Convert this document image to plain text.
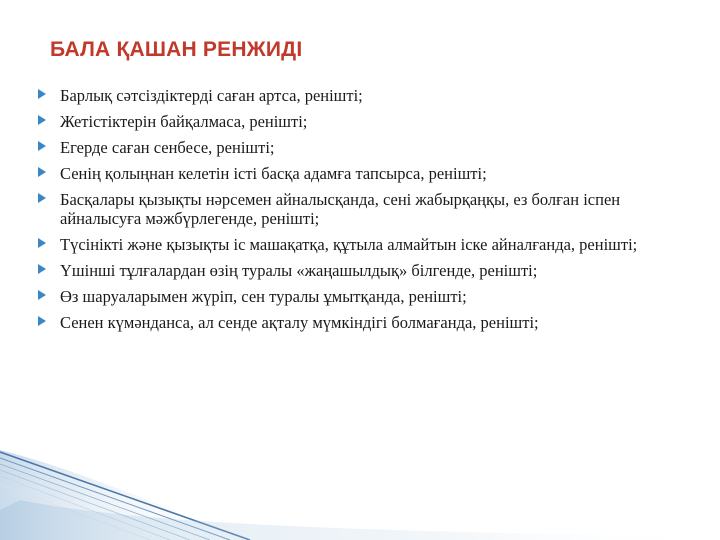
БАЛА ҚАШАН РЕНЖИДІ
Барлық сәтсіздіктерді саған артса, ренішті;
Жетістіктерін байқалмаса, ренішті;
Егерде саған сенбесе, ренішті;
Сенің қолыңнан келетін істі басқа адамға тапсырса, ренішті;
Басқалары қызықты нәрсемен айналысқанда, сені жабырқаңқы, ез болған іспен айналысуға мәжбүрлегенде, ренішті;
Түсінікті және қызықты іс машақатқа, құтыла алмайтын іске айналғанда, ренішті;
Үшінші тұлғалардан өзің туралы «жаңашылдық» білгенде, ренішті;
Өз шаруаларымен жүріп, сен туралы ұмытқанда, ренішті;
Сенен күмәнданса, ал сенде ақталу мүмкіндігі болмағанда, ренішті;
